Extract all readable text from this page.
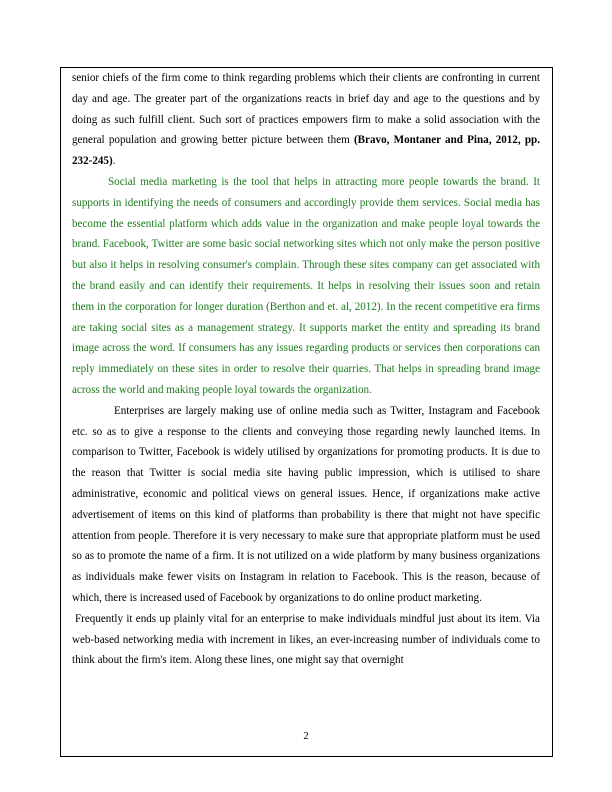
senior chiefs of the firm come to think regarding problems which their clients are confronting in current day and age. The greater part of the organizations reacts in brief day and age to the questions and by doing as such fulfill client. Such sort of practices empowers firm to make a solid association with the general population and growing better picture between them (Bravo, Montaner and Pina, 2012, pp. 232-245).

Social media marketing is the tool that helps in attracting more people towards the brand. It supports in identifying the needs of consumers and accordingly provide them services. Social media has become the essential platform which adds value in the organization and make people loyal towards the brand. Facebook, Twitter are some basic social networking sites which not only make the person positive but also it helps in resolving consumer's complain. Through these sites company can get associated with the brand easily and can identify their requirements. It helps in resolving their issues soon and retain them in the corporation for longer duration (Berthon and et. al, 2012). In the recent competitive era firms are taking social sites as a management strategy. It supports market the entity and spreading its brand image across the word. If consumers has any issues regarding products or services then corporations can reply immediately on these sites in order to resolve their quarries. That helps in spreading brand image across the world and making people loyal towards the organization.

Enterprises are largely making use of online media such as Twitter, Instagram and Facebook etc. so as to give a response to the clients and conveying those regarding newly launched items. In comparison to Twitter, Facebook is widely utilised by organizations for promoting products. It is due to the reason that Twitter is social media site having public impression, which is utilised to share administrative, economic and political views on general issues. Hence, if organizations make active advertisement of items on this kind of platforms than probability is there that might not have specific attention from people. Therefore it is very necessary to make sure that appropriate platform must be used so as to promote the name of a firm. It is not utilized on a wide platform by many business organizations as individuals make fewer visits on Instagram in relation to Facebook. This is the reason, because of which, there is increased used of Facebook by organizations to do online product marketing.

Frequently it ends up plainly vital for an enterprise to make individuals mindful just about its item. Via web-based networking media with increment in likes, an ever-increasing number of individuals come to think about the firm's item. Along these lines, one might say that overnight

2
